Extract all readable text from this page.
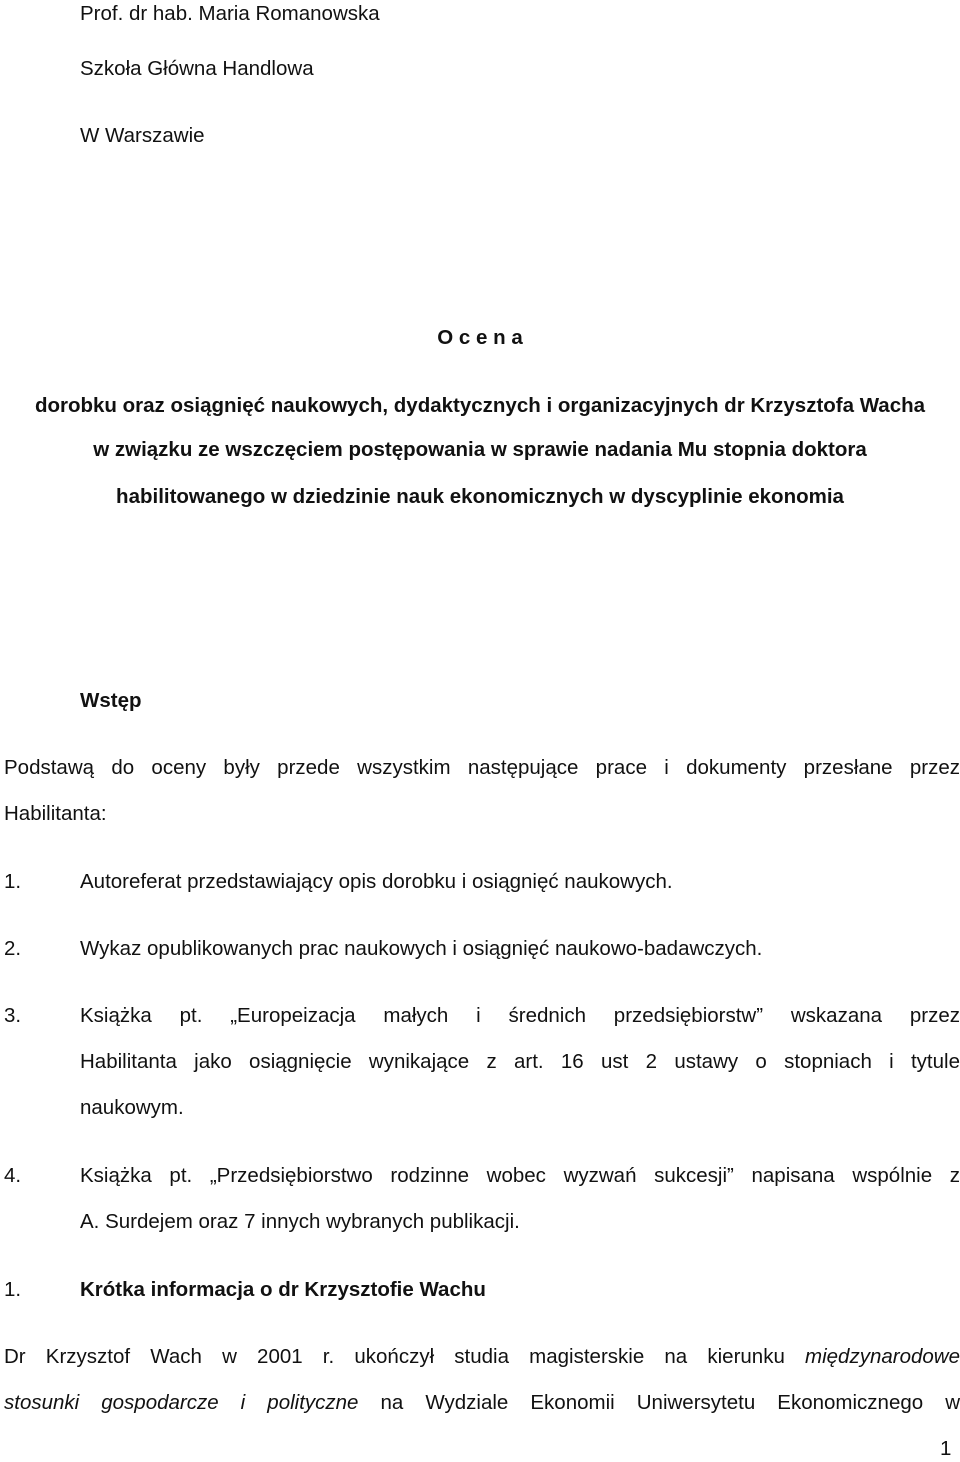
Prof. dr hab. Maria Romanowska
Szkoła Główna Handlowa
W Warszawie
O c e n a
dorobku oraz osiągnięć naukowych, dydaktycznych i organizacyjnych dr Krzysztofa Wacha
w związku ze wszczęciem postępowania w sprawie nadania Mu stopnia doktora
habilitowanego w dziedzinie nauk ekonomicznych w dyscyplinie ekonomia
Wstęp
Podstawą do oceny były przede wszystkim następujące prace i dokumenty przesłane przez
Habilitanta:
1.	Autoreferat przedstawiający opis dorobku i osiągnięć naukowych.
2.	Wykaz opublikowanych prac naukowych i osiągnięć naukowo-badawczych.
3.	Książka pt. „Europeizacja małych i średnich przedsiębiorstw” wskazana przez
Habilitanta jako osiągnięcie wynikające z art. 16 ust 2 ustawy o stopniach i tytule
naukowym.
4.	Książka pt. „Przedsiębiorstwo rodzinne wobec wyzwań sukcesji” napisana wspólnie z
A. Surdejem oraz 7 innych wybranych publikacji.
1.	Krótka informacja o dr Krzysztofie Wachu
Dr Krzysztof Wach w 2001 r. ukończył studia magisterskie na kierunku międzynarodowe
stosunki gospodarcze i polityczne na Wydziale Ekonomii Uniwersytetu Ekonomicznego w
1
